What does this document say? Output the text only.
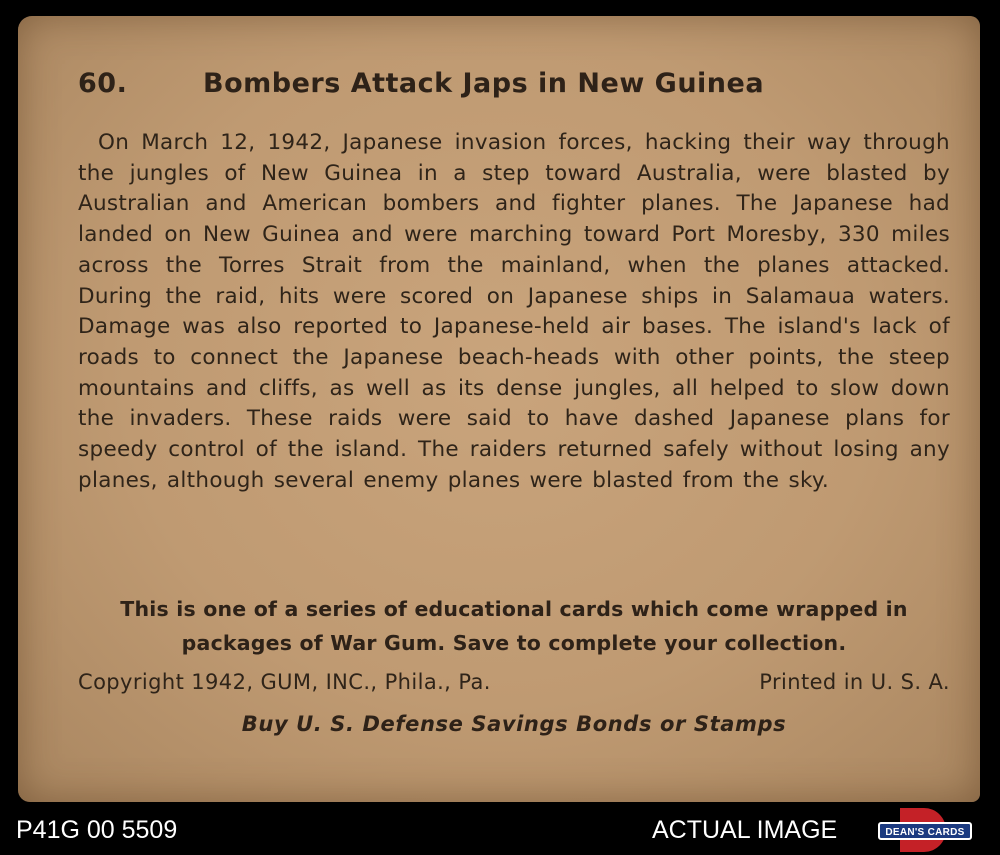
60.	Bombers Attack Japs in New Guinea
On March 12, 1942, Japanese invasion forces, hacking their way through the jungles of New Guinea in a step toward Australia, were blasted by Australian and American bombers and fighter planes. The Japanese had landed on New Guinea and were marching toward Port Moresby, 330 miles across the Torres Strait from the mainland, when the planes attacked. During the raid, hits were scored on Japanese ships in Salamaua waters. Damage was also reported to Japanese-held air bases. The island's lack of roads to connect the Japanese beach-heads with other points, the steep mountains and cliffs, as well as its dense jungles, all helped to slow down the invaders. These raids were said to have dashed Japanese plans for speedy control of the island. The raiders returned safely without losing any planes, although several enemy planes were blasted from the sky.
This is one of a series of educational cards which come wrapped in packages of War Gum. Save to complete your collection.
Copyright 1942, GUM, INC., Phila., Pa.	Printed in U. S. A.
Buy U. S. Defense Savings Bonds or Stamps
P41G 00 5509	ACTUAL IMAGE	DEAN'S CARDS
